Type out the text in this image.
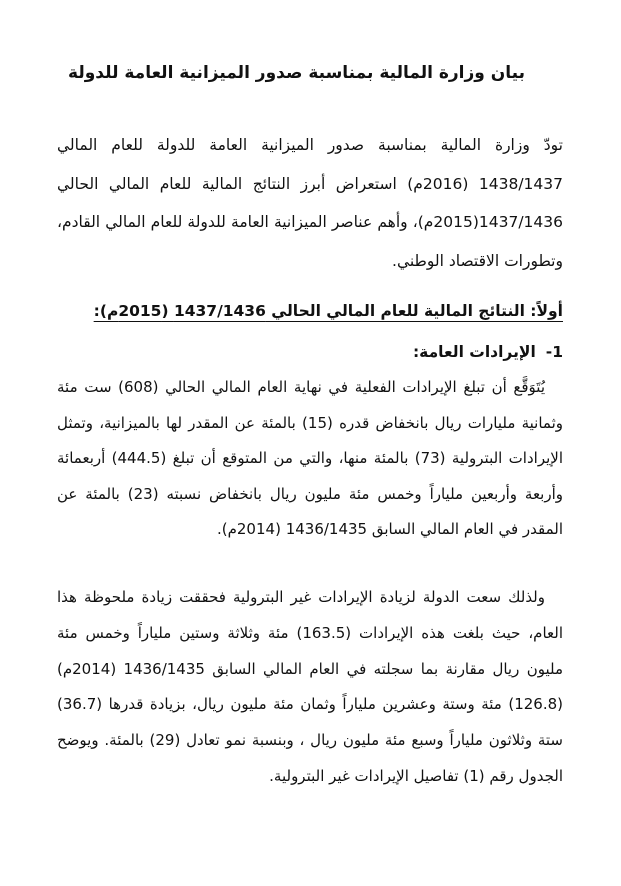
بيان وزارة المالية بمناسبة صدور الميزانية العامة للدولة

تودّ وزارة المالية بمناسبة صدور الميزانية العامة للدولة للعام المالي 1438/1437 (2016م) استعراض أبرز النتائج المالية للعام المالي الحالي 1437/1436(2015م)، وأهم عناصر الميزانية العامة للدولة للعام المالي القادم، وتطورات الاقتصاد الوطني.

أولاً: النتائج المالية للعام المالي الحالي 1437/1436 (2015م):
1-
الإيرادات العامة:

يُتَوَقَّع أن تبلغ الإيرادات الفعلية في نهاية العام المالي الحالي (608) ست مئة وثمانية مليارات ريال بانخفاض قدره (15) بالمئة عن المقدر لها بالميزانية، وتمثل الإيرادات البترولية (73) بالمئة منها، والتي من المتوقع أن تبلغ (444.5) أربعمائة وأربعة وأربعين ملياراً وخمس مئة مليون ريال بانخفاض نسبته (23) بالمئة عن المقدر في العام المالي السابق 1436/1435 (2014م).

ولذلك سعت الدولة لزيادة الإيرادات غير البترولية فحققت زيادة ملحوظة هذا العام، حيث بلغت هذه الإيرادات (163.5) مئة وثلاثة وستين ملياراً وخمس مئة مليون ريال مقارنة بما سجلته في العام المالي السابق 1436/1435 (2014م) (126.8) مئة وستة وعشرين ملياراً وثمان مئة مليون ريال، بزيادة قدرها (36.7) ستة وثلاثون ملياراً وسبع مئة مليون ريال ، وبنسبة نمو تعادل (29) بالمئة. ويوضح الجدول رقم (1) تفاصيل الإيرادات غير البترولية.
